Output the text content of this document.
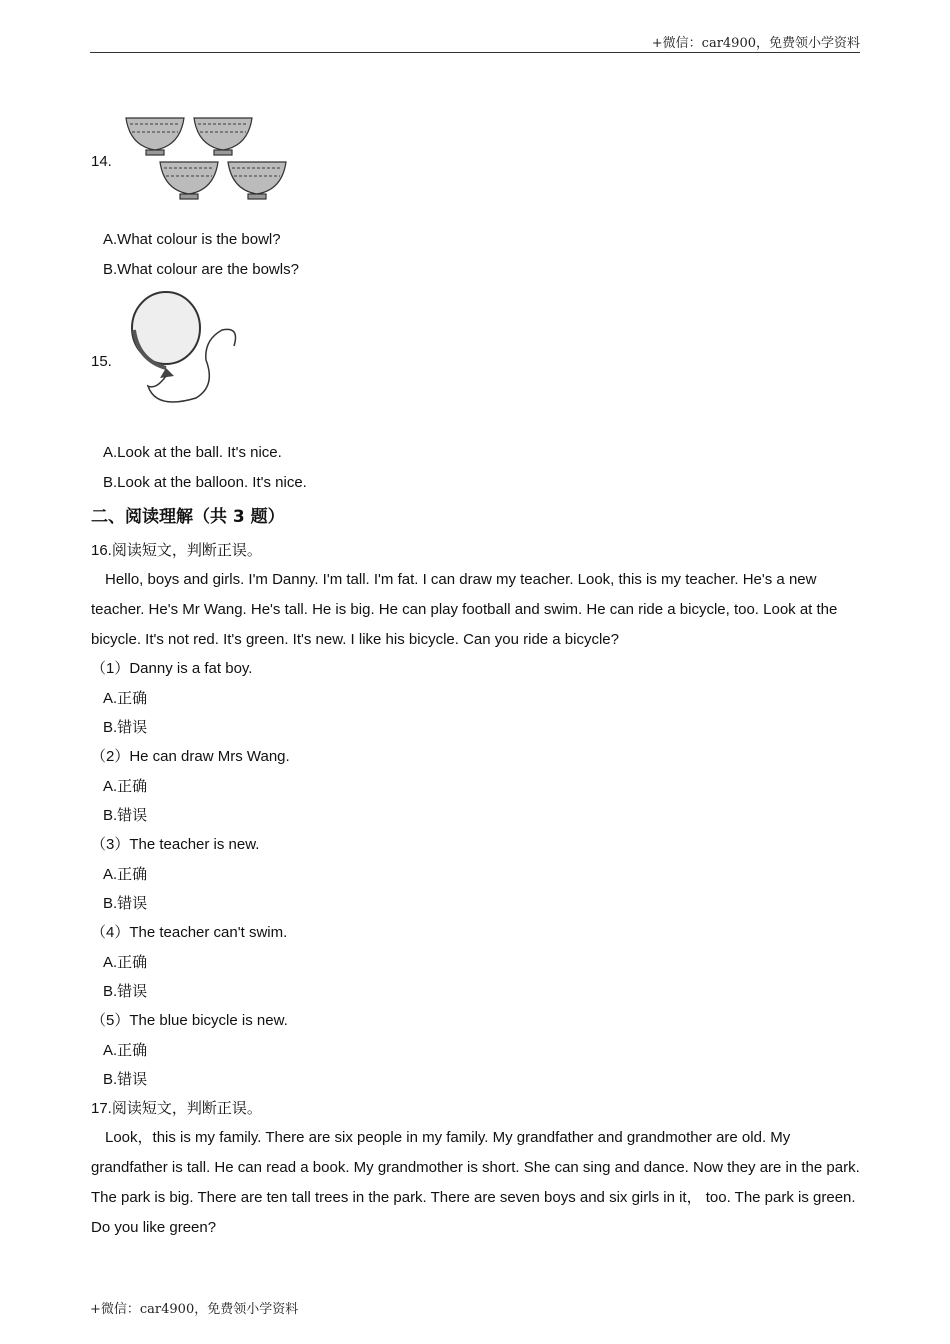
+微信：car4900，免费领小学资料
14.
A.What colour is the bowl?
B.What colour are the bowls?
15.
A.Look at the ball. It's nice.
B.Look at the balloon. It's nice.
二、阅读理解（共 3 题）
16.阅读短文，判断正误。
Hello, boys and girls. I'm Danny. I'm tall. I'm fat. I can draw my teacher. Look, this is my teacher. He's a new teacher. He's Mr Wang. He's tall. He is big. He can play football and swim. He can ride a bicycle, too. Look at the bicycle. It's not red. It's green. It's new. I like his bicycle. Can you ride a bicycle?
（1）Danny is a fat boy.
A.正确
B.错误
（2）He can draw Mrs Wang.
A.正确
B.错误
（3）The teacher is new.
A.正确
B.错误
（4）The teacher can't swim.
A.正确
B.错误
（5）The blue bicycle is new.
A.正确
B.错误
17.阅读短文，判断正误。
Look，this is my family. There are six people in my family. My grandfather and grandmother are old. My grandfather is tall. He can read a book. My grandmother is short. She can sing and dance. Now they are in the park. The park is big. There are ten tall trees in the park. There are seven boys and six girls in it， too. The park is green. Do you like green?
+微信：car4900，免费领小学资料
